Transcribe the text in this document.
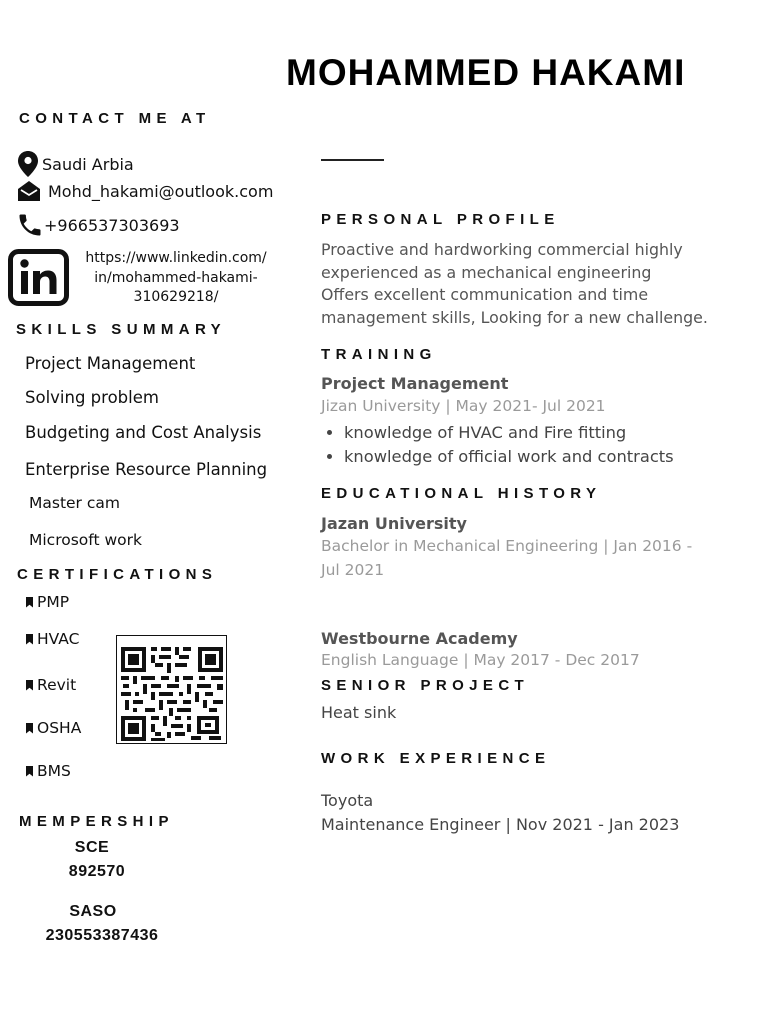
MOHAMMED HAKAMI
CONTACT ME AT
Saudi Arbia
Mohd_hakami@outlook.com
+966537303693
https://www.linkedin.com/
in/mohammed-hakami-
310629218/
SKILLS SUMMARY
Project Management
Solving problem
Budgeting and Cost Analysis
Enterprise Resource Planning
Master cam
Microsoft work
CERTIFICATIONS
PMP
HVAC
Revit
OSHA
BMS
MEMPERSHIP
SCE
892570
SASO
230553387436
PERSONAL PROFILE
Proactive and hardworking commercial highly
experienced as a mechanical engineering
Offers excellent communication and time
management skills, Looking for a new challenge.
TRAINING
Project Management
Jizan University | May 2021- Jul 2021
• knowledge of HVAC and Fire fitting
• knowledge of official work and contracts
EDUCATIONAL HISTORY
Jazan University
Bachelor in Mechanical Engineering | Jan 2016 -
Jul 2021
Westbourne Academy
English Language | May 2017 - Dec 2017
SENIOR PROJECT
Heat sink
WORK EXPERIENCE
Toyota
Maintenance Engineer | Nov 2021 - Jan 2023
